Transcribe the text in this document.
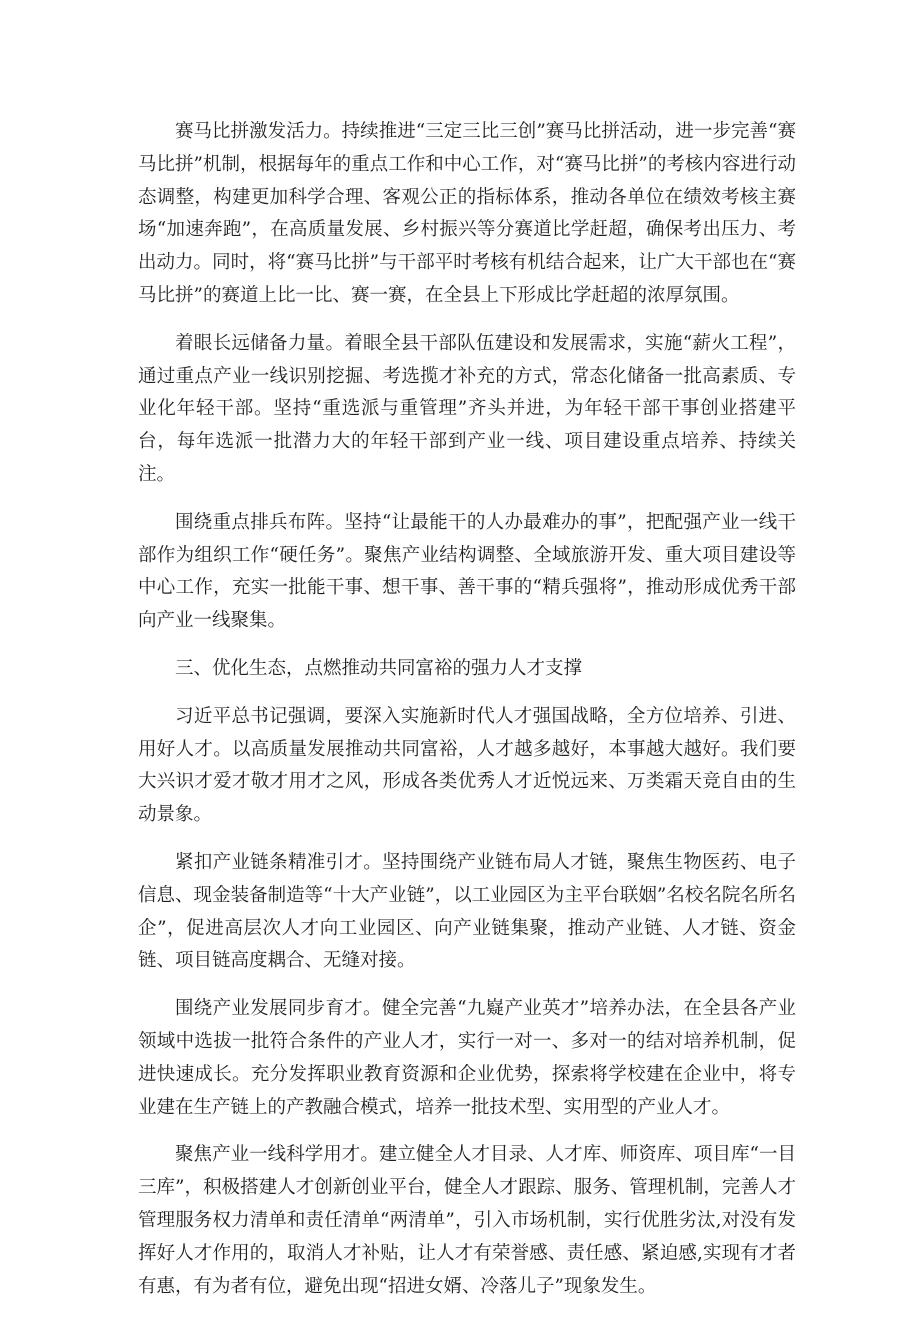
赛马比拼激发活力。持续推进“三定三比三创”赛马比拼活动，进一步完善“赛马比拼”机制，根据每年的重点工作和中心工作，对“赛马比拼”的考核内容进行动态调整，构建更加科学合理、客观公正的指标体系，推动各单位在绩效考核主赛场“加速奔跑”，在高质量发展、乡村振兴等分赛道比学赶超，确保考出压力、考出动力。同时，将“赛马比拼”与干部平时考核有机结合起来，让广大干部也在“赛马比拼”的赛道上比一比、赛一赛，在全县上下形成比学赶超的浓厚氛围。

着眼长远储备力量。着眼全县干部队伍建设和发展需求，实施“薪火工程”，通过重点产业一线识别挖掘、考选揽才补充的方式，常态化储备一批高素质、专业化年轻干部。坚持“重选派与重管理”齐头并进，为年轻干部干事创业搭建平台，每年选派一批潜力大的年轻干部到产业一线、项目建设重点培养、持续关注。

围绕重点排兵布阵。坚持“让最能干的人办最难办的事”，把配强产业一线干部作为组织工作“硬任务”。聚焦产业结构调整、全域旅游开发、重大项目建设等中心工作，充实一批能干事、想干事、善干事的“精兵强将”，推动形成优秀干部向产业一线聚集。

三、优化生态，点燃推动共同富裕的强力人才支撑

习近平总书记强调，要深入实施新时代人才强国战略，全方位培养、引进、用好人才。以高质量发展推动共同富裕，人才越多越好，本事越大越好。我们要大兴识才爱才敬才用才之风，形成各类优秀人才近悦远来、万类霜天竞自由的生动景象。

紧扣产业链条精准引才。坚持围绕产业链布局人才链，聚焦生物医药、电子信息、现金装备制造等“十大产业链”，以工业园区为主平台联姻”名校名院名所名企”，促进高层次人才向工业园区、向产业链集聚，推动产业链、人才链、资金链、项目链高度耦合、无缝对接。

围绕产业发展同步育才。健全完善“九嶷产业英才”培养办法，在全县各产业领域中选拔一批符合条件的产业人才，实行一对一、多对一的结对培养机制，促进快速成长。充分发挥职业教育资源和企业优势，探索将学校建在企业中，将专业建在生产链上的产教融合模式，培养一批技术型、实用型的产业人才。

聚焦产业一线科学用才。建立健全人才目录、人才库、师资库、项目库“一目三库”，积极搭建人才创新创业平台，健全人才跟踪、服务、管理机制，完善人才管理服务权力清单和责任清单“两清单”，引入市场机制，实行优胜劣汰,对没有发挥好人才作用的，取消人才补贴，让人才有荣誉感、责任感、紧迫感,实现有才者有惠，有为者有位，避免出现“招进女婿、冷落儿子”现象发生。
